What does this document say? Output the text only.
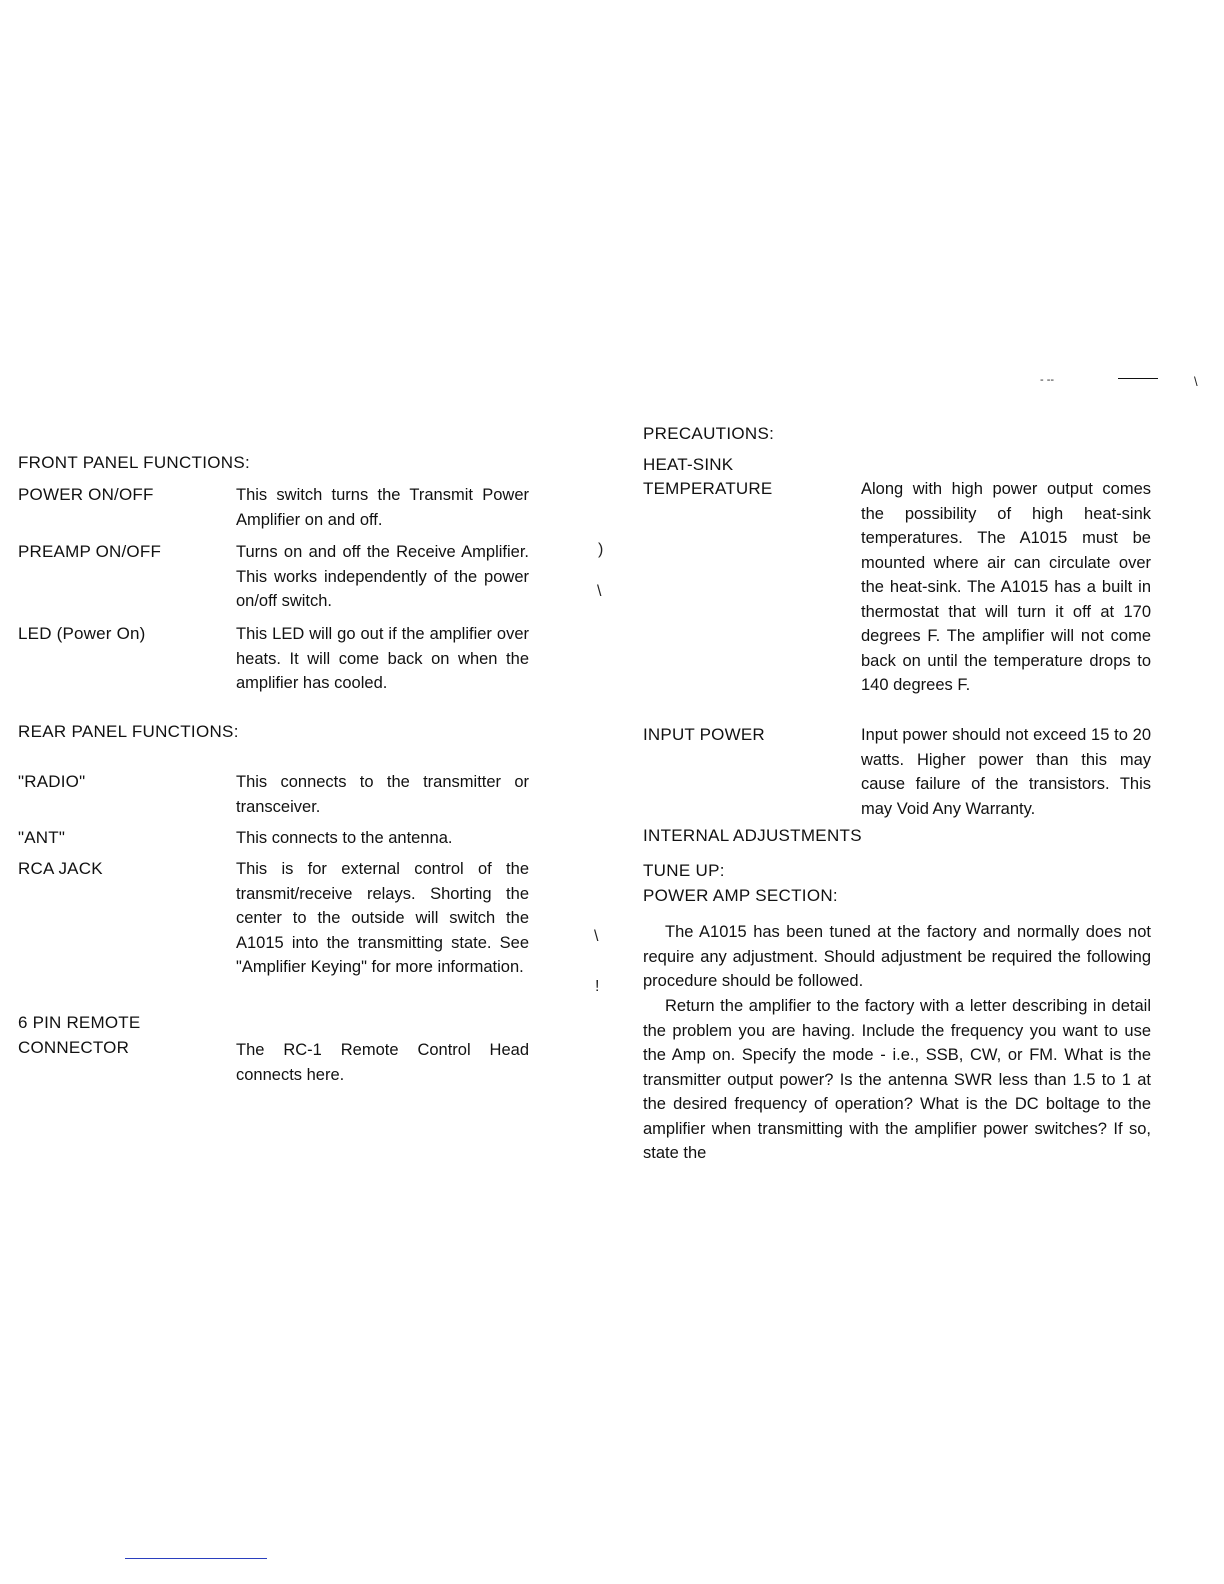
- --	\
)
\
\
!
FRONT PANEL FUNCTIONS:
POWER ON/OFF	This switch turns the Transmit Power Amplifier on and off.
PREAMP ON/OFF	Turns on and off the Receive Amplifier. This works independently of the power on/off switch.
LED (Power On)	This LED will go out if the amplifier over heats. It will come back on when the amplifier has cooled.
REAR PANEL FUNCTIONS:
"RADIO"	This connects to the transmitter or transceiver.
"ANT"	This connects to the antenna.
RCA JACK	This is for external control of the transmit/receive relays. Shorting the center to the outside will switch the A1015 into the transmitting state. See "Amplifier Keying" for more information.
6 PIN REMOTE
CONNECTOR	The RC-1 Remote Control Head connects here.
PRECAUTIONS:
HEAT-SINK
TEMPERATURE	Along with high power output comes the possibility of high heat-sink temperatures. The A1015 must be mounted where air can circulate over the heat-sink. The A1015 has a built in thermostat that will turn it off at 170 degrees F. The amplifier will not come back on until the temperature drops to 140 degrees F.
INPUT POWER	Input power should not exceed 15 to 20 watts. Higher power than this may cause failure of the transistors. This may Void Any Warranty.
INTERNAL ADJUSTMENTS
TUNE UP:
POWER AMP SECTION:
The A1015 has been tuned at the factory and normally does not require any adjustment. Should adjustment be required the following procedure should be followed.
Return the amplifier to the factory with a letter describing in detail the problem you are having. Include the frequency you want to use the Amp on. Specify the mode - i.e., SSB, CW, or FM. What is the transmitter output power? Is the antenna SWR less than 1.5 to 1 at the desired frequency of operation? What is the DC boltage to the amplifier when transmitting with the amplifier power switches? If so, state the
